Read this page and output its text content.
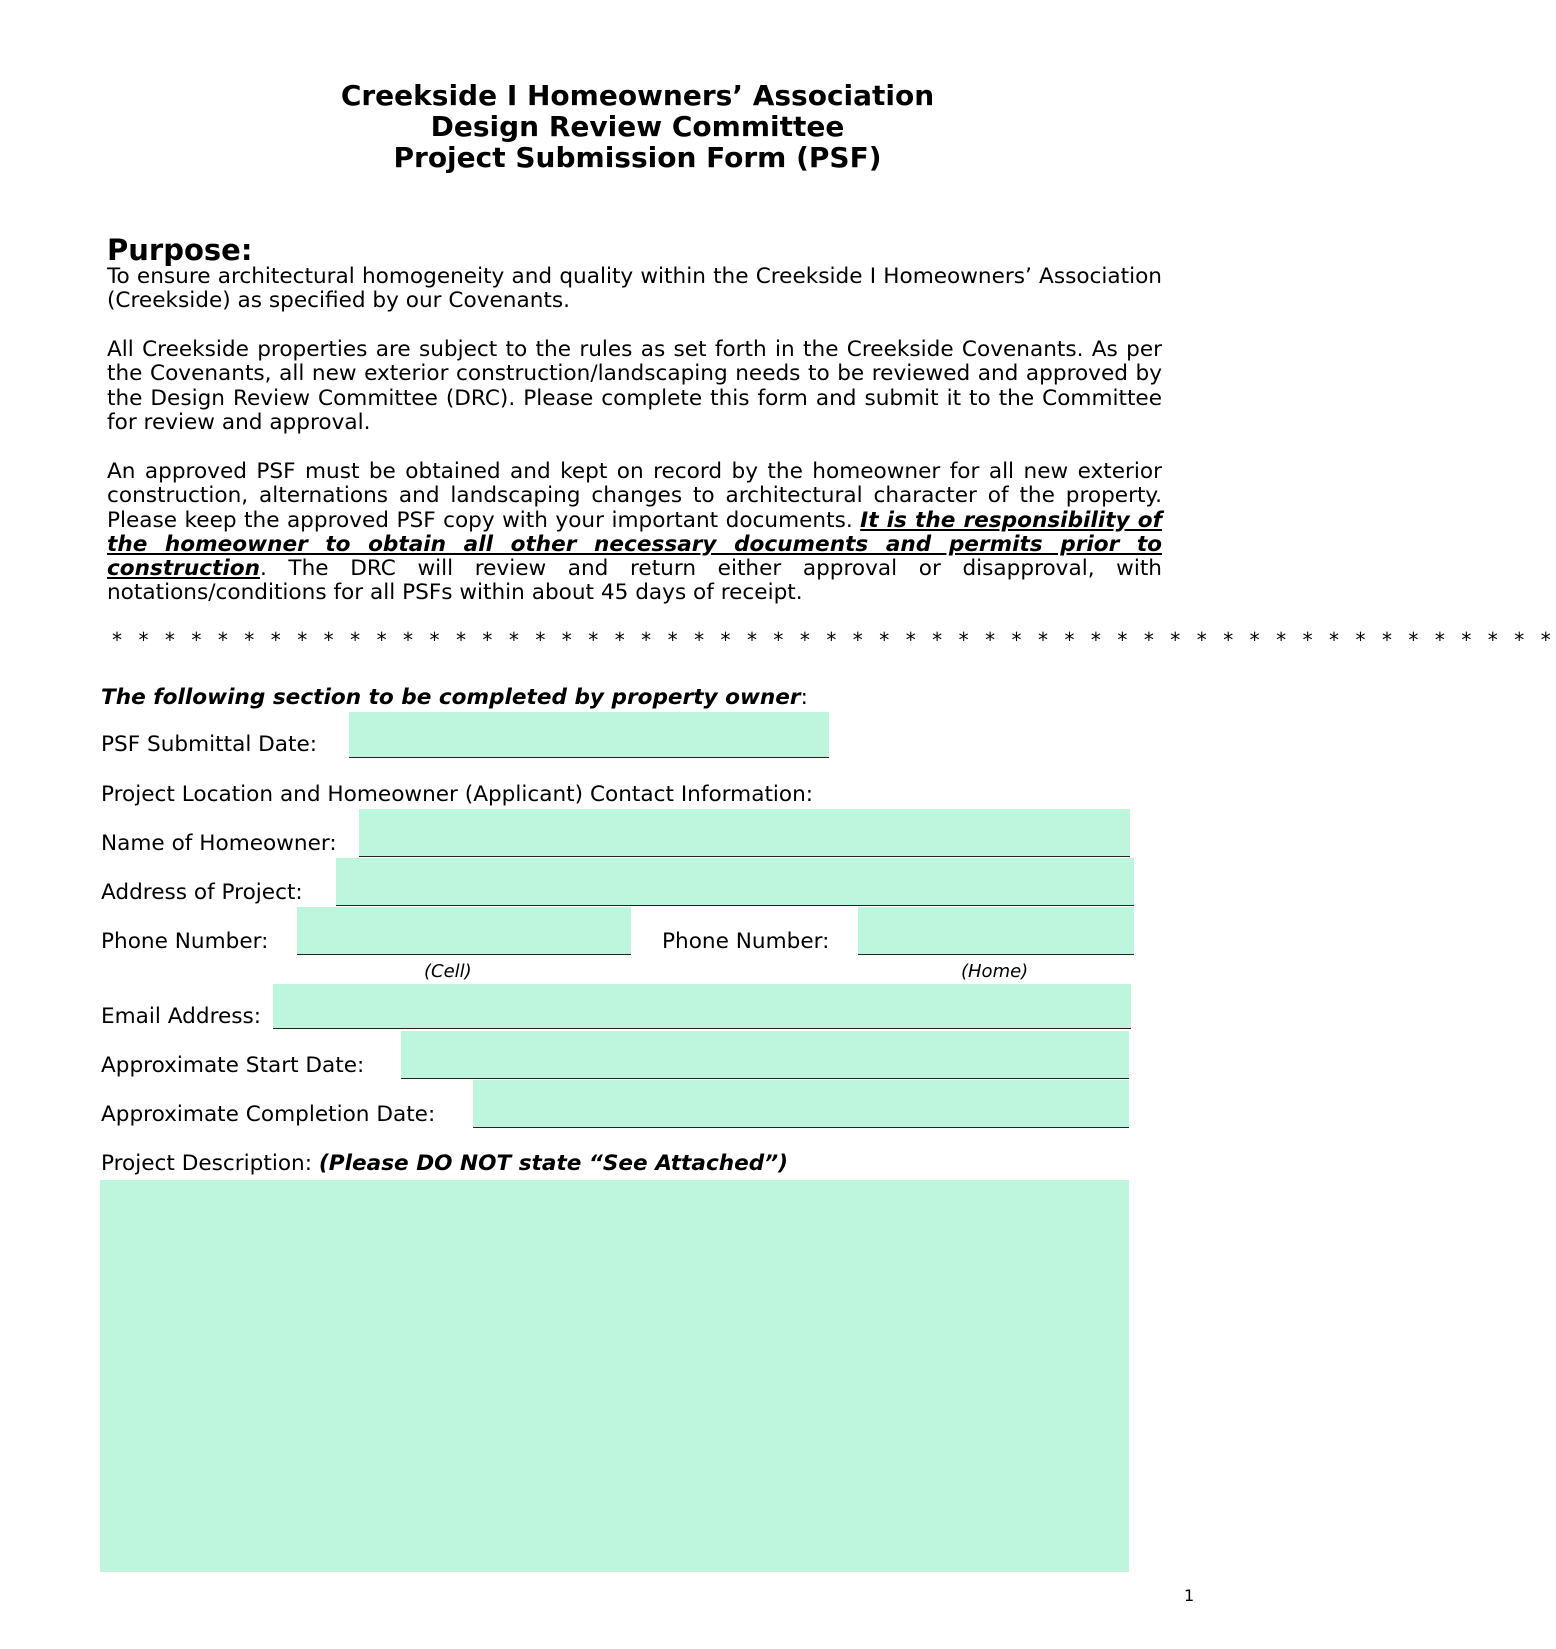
Creekside I Homeowners’ Association
Design Review Committee
Project Submission Form (PSF)
Purpose:
To ensure architectural homogeneity and quality within the Creekside I Homeowners’ Association (Creekside) as specified by our Covenants.
All Creekside properties are subject to the rules as set forth in the Creekside Covenants. As per the Covenants, all new exterior construction/landscaping needs to be reviewed and approved by the Design Review Committee (DRC). Please complete this form and submit it to the Committee for review and approval.
An approved PSF must be obtained and kept on record by the homeowner for all new exterior construction, alternations and landscaping changes to architectural character of the property. Please keep the approved PSF copy with your important documents. It is the responsibility of the homeowner to obtain all other necessary documents and permits prior to construction. The DRC will review and return either approval or disapproval, with notations/conditions for all PSFs within about 45 days of receipt.
* * * * * * * * * * * * * * * * * * * * * * * * * * * * * * * * * * * * * * * * * * * * * * * * * * * * * * *
The following section to be completed by property owner:
PSF Submittal Date:
Project Location and Homeowner (Applicant) Contact Information:
Name of Homeowner:
Address of Project:
Phone Number:
(Cell)
Phone Number:
(Home)
Email Address:
Approximate Start Date:
Approximate Completion Date:
Project Description: (Please DO NOT state “See Attached”)
1
